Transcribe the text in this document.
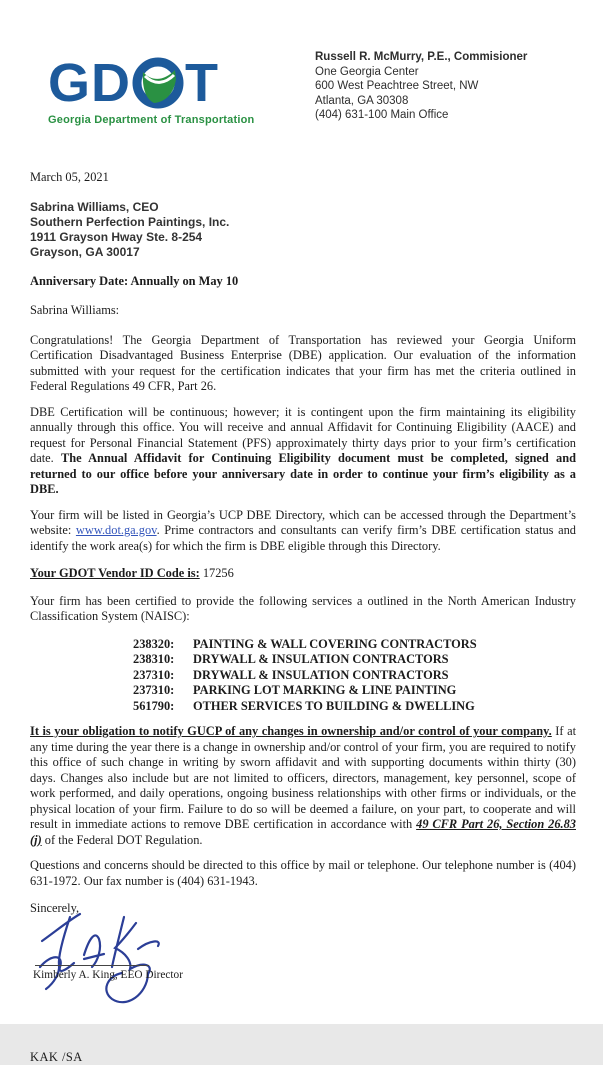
GD T
Georgia Department of Transportation
Russell R. McMurry, P.E., Commisioner
One Georgia Center
600 West Peachtree Street, NW
Atlanta, GA 30308
(404) 631-100 Main Office
March 05, 2021
Sabrina Williams, CEO
Southern Perfection Paintings, Inc.
1911 Grayson Hway Ste. 8-254
Grayson, GA 30017
Anniversary Date: Annually on May 10
Sabrina Williams:

Congratulations! The Georgia Department of Transportation has reviewed your Georgia Uniform Certification Disadvantaged Business Enterprise (DBE) application. Our evaluation of the information submitted with your request for the certification indicates that your firm has met the criteria outlined in Federal Regulations 49 CFR, Part 26.

DBE Certification will be continuous; however; it is contingent upon the firm maintaining its eligibility annually through this office. You will receive and annual Affidavit for Continuing Eligibility (AACE) and request for Personal Financial Statement (PFS) approximately thirty days prior to your firm’s certification date. The Annual Affidavit for Continuing Eligibility document must be completed, signed and returned to our office before your anniversary date in order to continue your firm’s eligibility as a DBE.

Your firm will be listed in Georgia’s UCP DBE Directory, which can be accessed through the Department’s website: www.dot.ga.gov. Prime contractors and consultants can verify firm’s DBE certification status and identify the work area(s) for which the firm is DBE eligible through this Directory.

Your GDOT Vendor ID Code is: 17256

Your firm has been certified to provide the following services a outlined in the North American Industry Classification System (NAISC):

238320:	PAINTING & WALL COVERING CONTRACTORS
238310:	DRYWALL & INSULATION CONTRACTORS
237310:	DRYWALL & INSULATION CONTRACTORS
237310:	PARKING LOT MARKING & LINE PAINTING
561790:	OTHER SERVICES TO BUILDING & DWELLING

It is your obligation to notify GUCP of any changes in ownership and/or control of your company. If at any time during the year there is a change in ownership and/or control of your firm, you are required to notify this office of such change in writing by sworn affidavit and with supporting documents within thirty (30) days. Changes also include but are not limited to officers, directors, management, key personnel, scope of work performed, and daily operations, ongoing business relationships with other firms or individuals, or the physical location of your firm. Failure to do so will be deemed a failure, on your part, to cooperate and will result in immediate actions to remove DBE certification in accordance with 49 CFR Part 26, Section 26.83 (j) of the Federal DOT Regulation.

Questions and concerns should be directed to this office by mail or telephone. Our telephone number is (404) 631-1972. Our fax number is (404) 631-1943.

Sincerely,
Kimberly A. King, EEO Director
KAK /SA
